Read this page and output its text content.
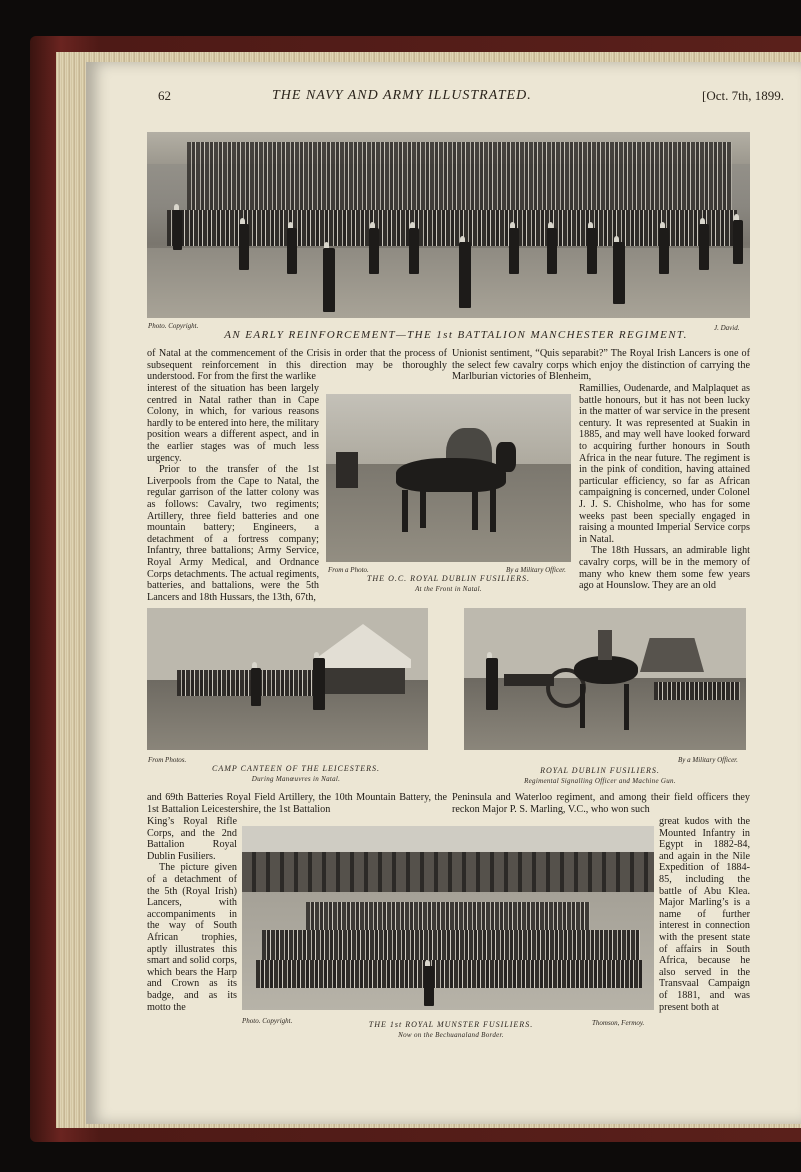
62	THE NAVY AND ARMY ILLUSTRATED.	[Oct. 7th, 1899.
Photo. Copyright.	J. David.
AN EARLY REINFORCEMENT—THE 1st BATTALION MANCHESTER REGIMENT.

of Natal at the commencement of the Crisis in order that the process of subsequent reinforcement in this direction may be thoroughly understood. For from the first the warlike

interest of the situation has been largely centred in Natal rather than in Cape Colony, in which, for various reasons hardly to be entered into here, the military position wears a different aspect, and in the earlier stages was of much less urgency.

Prior to the transfer of the 1st Liverpools from the Cape to Natal, the regular garrison of the latter colony was as follows: Cavalry, two regiments; Artillery, three field batteries and one mountain battery; Engineers, a detachment of a fortress company; Infantry, three battalions; Army Service, Royal Army Medical, and Ordnance Corps detachments. The actual regiments, batteries, and battalions, were the 5th Lancers and 18th Hussars, the 13th, 67th,

Unionist sentiment, “Quis separabit?” The Royal Irish Lancers is one of the select few cavalry corps which enjoy the distinction of carrying the Marlburian victories of Blenheim,

Ramillies, Oudenarde, and Malplaquet as battle honours, but it has not been lucky in the matter of war service in the present century. It was represented at Suakin in 1885, and may well have looked forward to acquiring further honours in South Africa in the near future. The regiment is in the pink of condition, having attained particular efficiency, so far as African campaigning is concerned, under Colonel J. J. S. Chisholme, who has for some weeks past been specially engaged in raising a mounted Imperial Service corps in Natal.

The 18th Hussars, an admirable light cavalry corps, will be in the memory of many who knew them some few years ago at Hounslow. They are an old

From a Photo.	By a Military Officer.
THE O.C. ROYAL DUBLIN FUSILIERS.
At the Front in Natal.
From Photos.
CAMP CANTEEN OF THE LEICESTERS.
During Manœuvres in Natal.
By a Military Officer.
ROYAL DUBLIN FUSILIERS.
Regimental Signalling Officer and Machine Gun.

and 69th Batteries Royal Field Artillery, the 10th Mountain Battery, the 1st Battalion Leicestershire, the 1st Battalion

Peninsula and Waterloo regiment, and among their field officers they reckon Major P. S. Marling, V.C., who won such

King’s Royal Rifle Corps, and the 2nd Battalion Royal Dublin Fusiliers.

The picture given of a detachment of the 5th (Royal Irish) Lancers, with accompaniments in the way of South African trophies, aptly illustrates this smart and solid corps, which bears the Harp and Crown as its badge, and as its motto the

great kudos with the Mounted Infantry in Egypt in 1882-84, and again in the Nile Expedition of 1884-85, including the battle of Abu Klea. Major Marling’s is a name of further interest in connection with the present state of affairs in South Africa, because he also served in the Transvaal Campaign of 1881, and was present both at

Photo. Copyright.	Thomson, Fermoy.
THE 1st ROYAL MUNSTER FUSILIERS.
Now on the Bechuanaland Border.
